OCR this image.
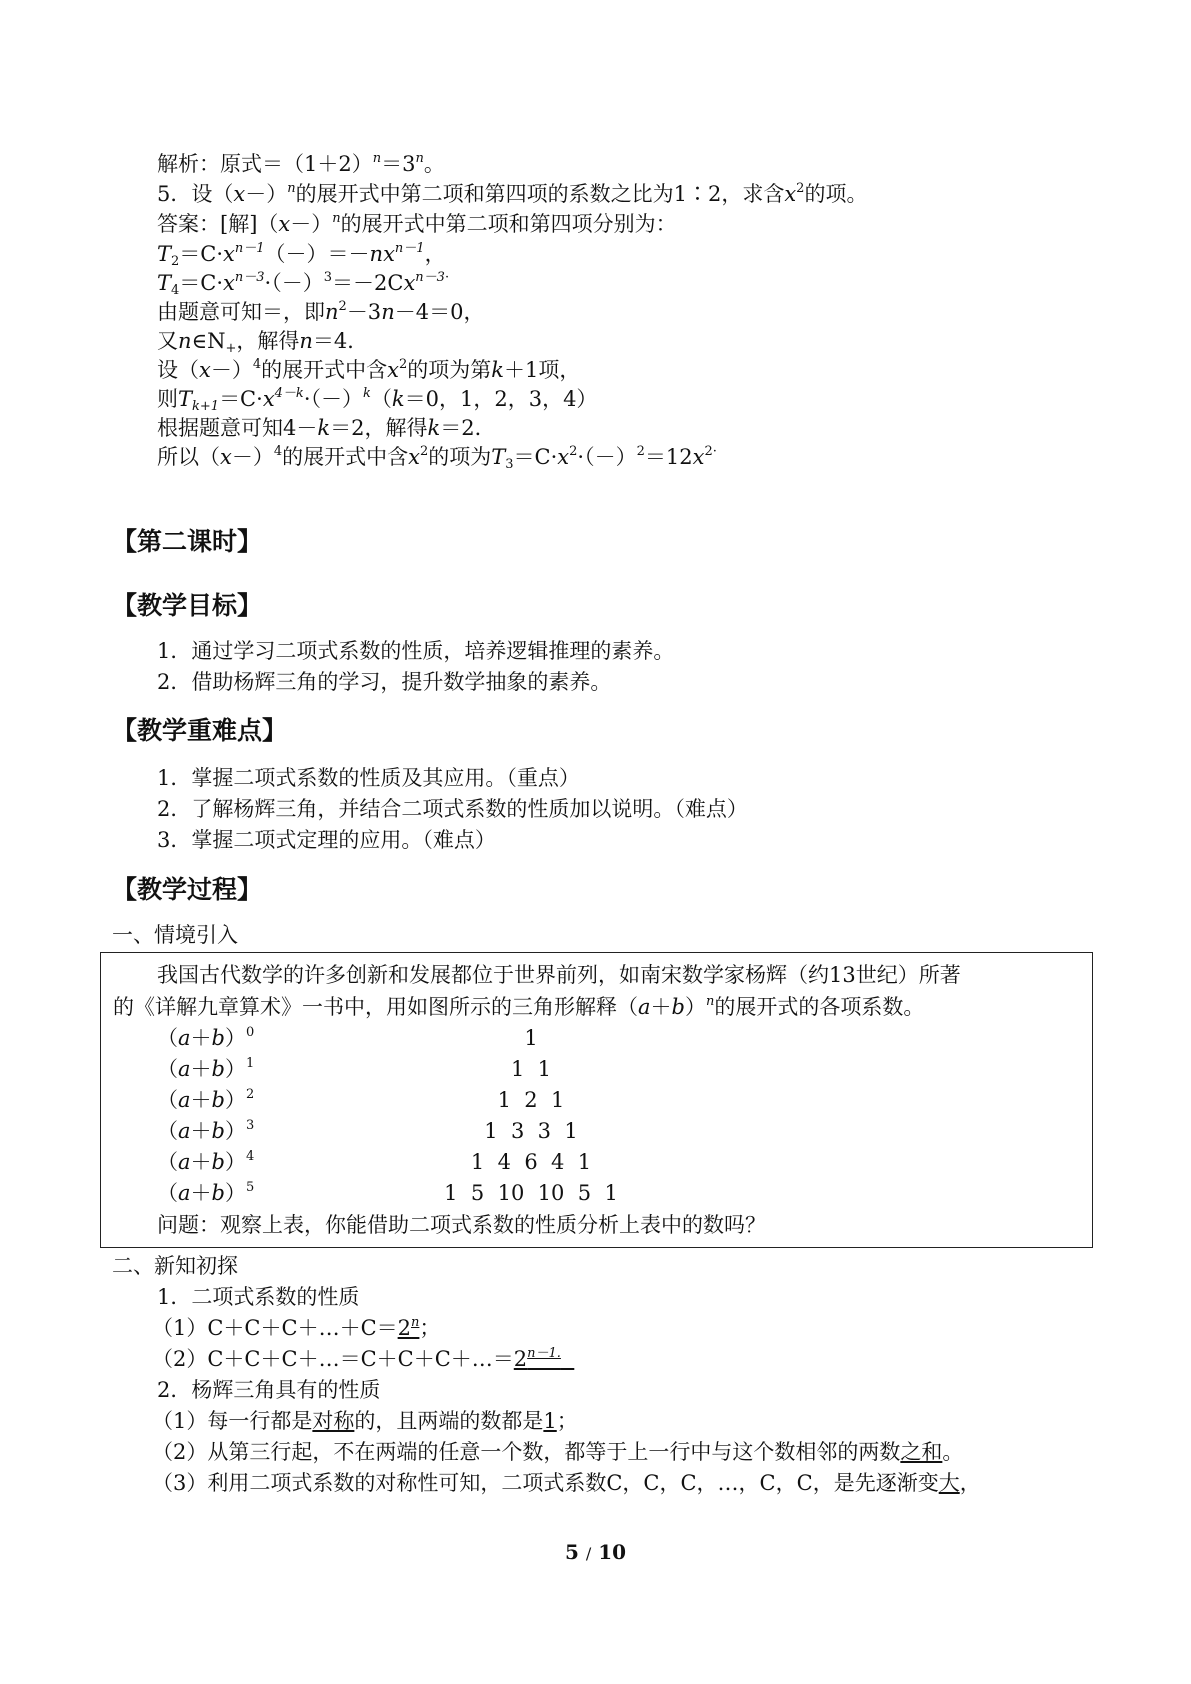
解析：原式$=(1+2)^n=3^n$。
5．设$(x-)^n$的展开式中第二项和第四项的系数之比为1∶2，求含$x^2$的项。
答案：[解]$(x-)^n$的展开式中第二项和第四项分别为：
$T_2=C\cdot x^{n-1}(-)=-nx^{n-1}$，
$T_4=C\cdot x^{n-3}\cdot(-)^3=-2Cx^{n-3\cdot}$
由题意可知＝，即$n^2-3n-4=0$，
又$n\in N_+$，解得n＝4．
设$(x-)^4$的展开式中含$x^2$的项为第k＋1项，
则$T_{k+1}=C\cdot x^{4-k}\cdot(-)^k(k=0$，1，2，3，4）
根据题意可知4－k＝2，解得k＝2．
所以$(x-)^4$的展开式中含$x^2$的项为$T_3=C\cdot x^2\cdot(-)^2=12x^{2\cdot}$
【第二课时】
【教学目标】
1．通过学习二项式系数的性质，培养逻辑推理的素养。
2．借助杨辉三角的学习，提升数学抽象的素养。
【教学重难点】
1．掌握二项式系数的性质及其应用。（重点）
2．了解杨辉三角，并结合二项式系数的性质加以说明。（难点）
3．掌握二项式定理的应用。（难点）
【教学过程】
一、情境引入
我国古代数学的许多创新和发展都位于世界前列，如南宋数学家杨辉（约13世纪）所著
的《详解九章算术》一书中，用如图所示的三角形解释$(a+b)^n$的展开式的各项系数。
$(a+b)^0$
$(a+b)^1$
$(a+b)^2$
$(a+b)^3$
$(a+b)^4$
$(a+b)^5$
1
1  1
1  2  1
1  3  3  1
1  4  6  4  1
1  5  10  10  5  1
问题：观察上表，你能借助二项式系数的性质分析上表中的数吗？
二、新知初探
1．二项式系数的性质
$(1)C+C+C+\dots+C=2^n$；
$(2)C+C+C+\dots=C+C+C+\dots=2^{n-1.}$
2．杨辉三角具有的性质
（1）每一行都是对称的，且两端的数都是1；
（2）从第三行起，不在两端的任意一个数，都等于上一行中与这个数相邻的两数之和。
（3）利用二项式系数的对称性可知，二项式系数C，C，C，…，C，C，是先逐渐变大，
5 / 10
